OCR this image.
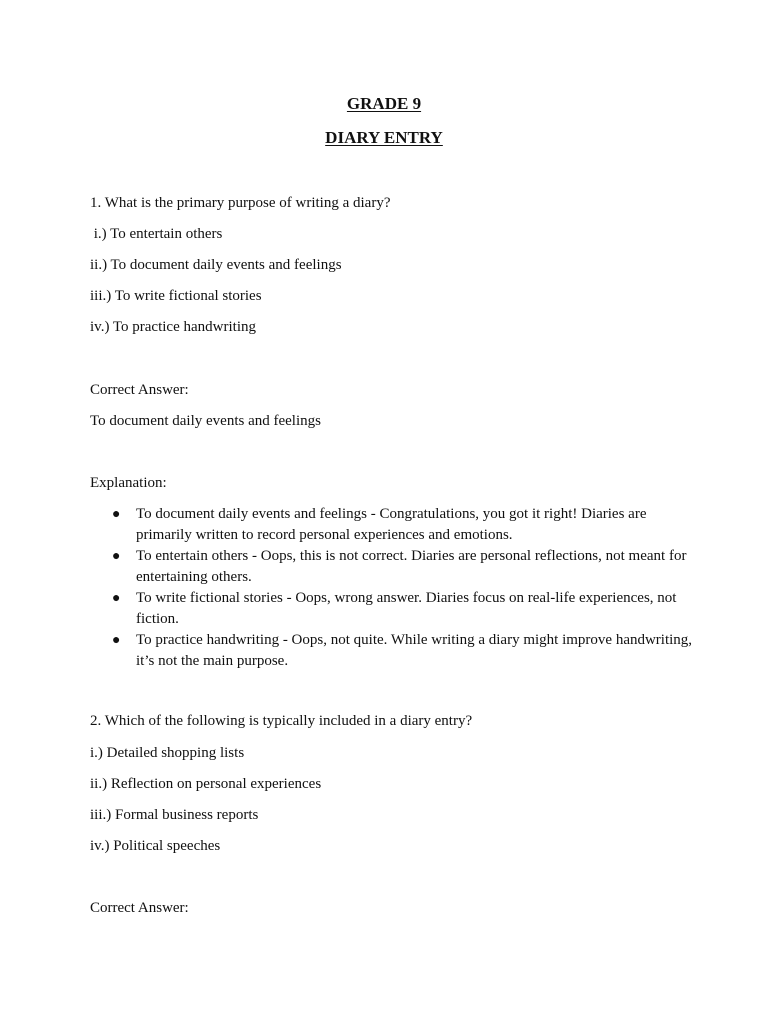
GRADE 9
DIARY ENTRY
1. What is the primary purpose of writing a diary?
i.) To entertain others
ii.) To document daily events and feelings
iii.) To write fictional stories
iv.) To practice handwriting
Correct Answer:
To document daily events and feelings
Explanation:
● To document daily events and feelings - Congratulations, you got it right! Diaries are primarily written to record personal experiences and emotions.
● To entertain others - Oops, this is not correct. Diaries are personal reflections, not meant for entertaining others.
● To write fictional stories - Oops, wrong answer. Diaries focus on real-life experiences, not fiction.
● To practice handwriting - Oops, not quite. While writing a diary might improve handwriting, it’s not the main purpose.
2. Which of the following is typically included in a diary entry?
i.) Detailed shopping lists
ii.) Reflection on personal experiences
iii.) Formal business reports
iv.) Political speeches
Correct Answer:
